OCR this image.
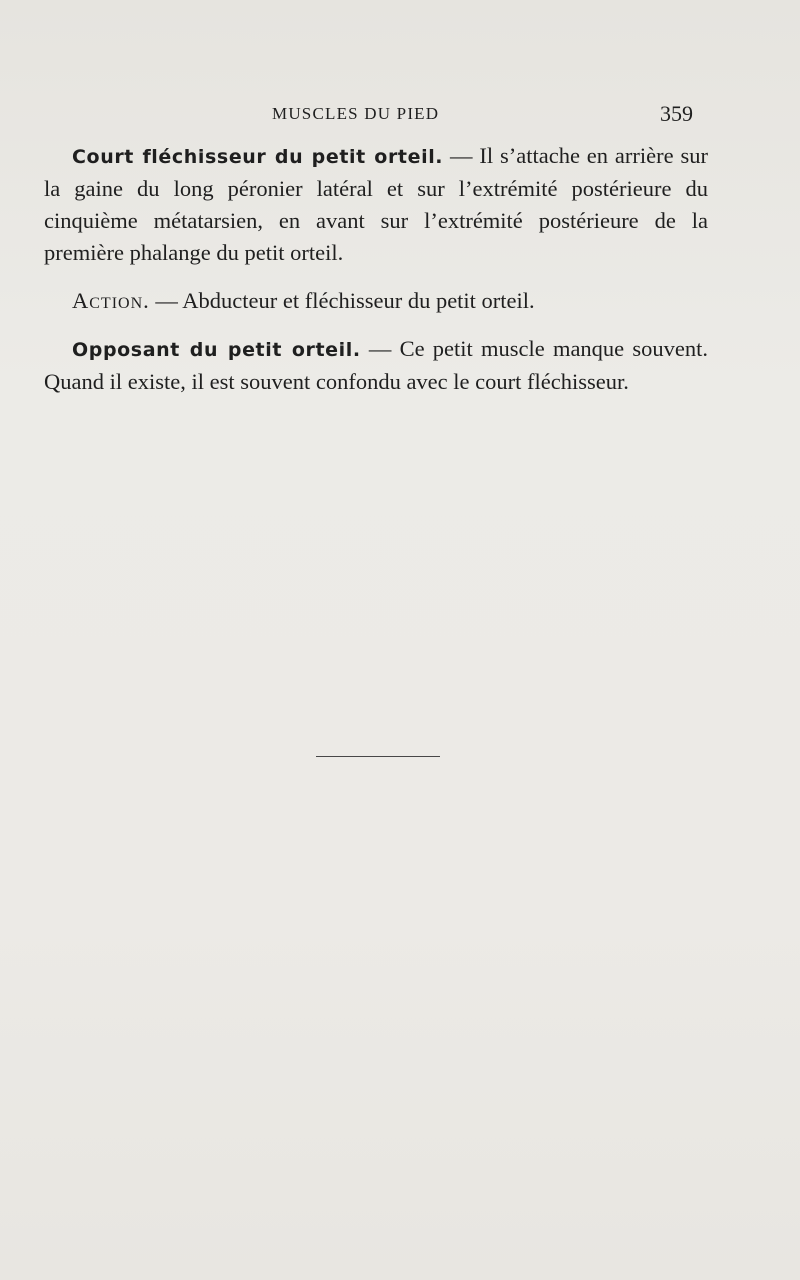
MUSCLES DU PIED	359

Court fléchisseur du petit orteil. — Il s’attache en arrière sur la gaine du long péronier latéral et sur l’extrémité postérieure du cinquième métatarsien, en avant sur l’extrémité postérieure de la première phalange du petit orteil.

Action. — Abducteur et fléchisseur du petit orteil.

Opposant du petit orteil. — Ce petit muscle manque souvent. Quand il existe, il est souvent confondu avec le court fléchisseur.
